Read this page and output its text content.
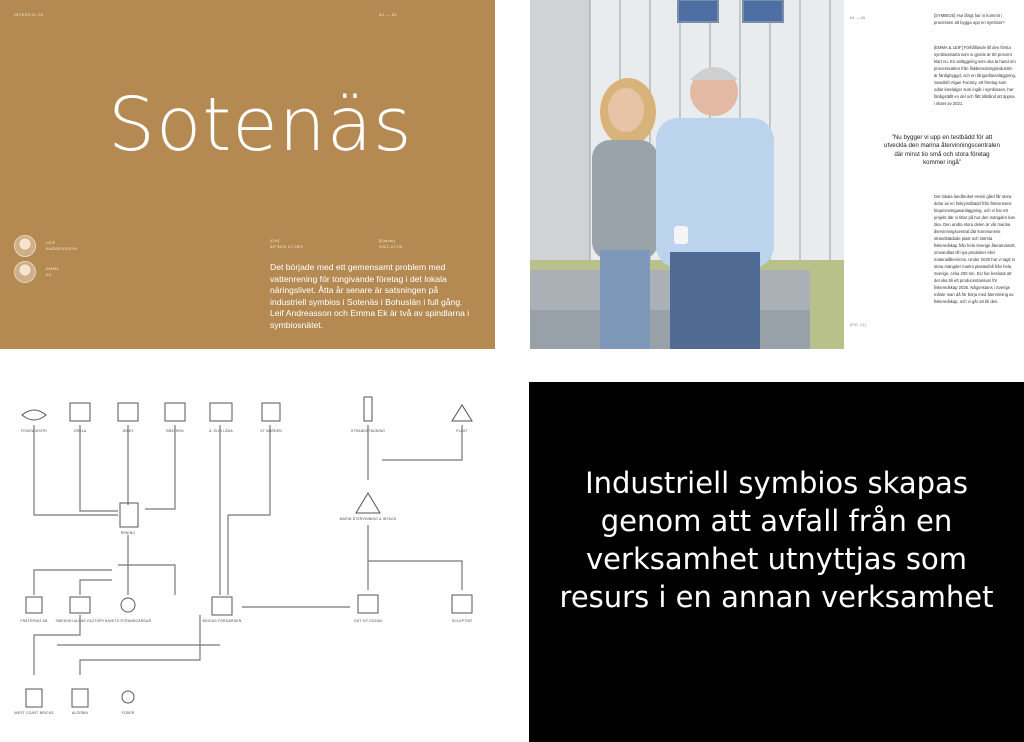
INTERVJU 02	64 — 65
Sotenäs
LEIF
ANDREASSON
EMMA
EK
[Ort]
58°36'N 11°28'E
[Datum]
2021-07-05
Det började med ett gemensamt problem med vattenrening för tongivande företag i det lokala näringslivet. Åtta år senare är satsningen på industriell symbios i Sotenäs i Bohuslän i full gång. Leif Andreasson och Emma Ek är två av spindlarna i symbiosnätet.
64 — 65	[SYMBIOS] Hur långt har ni kommit i processen att bygga upp en symbios?
[EMMA & LEIF] Förhållande till den första symbiosstarta som vi gjorde är 80 procent klart nu. En anläggning som ska ta hand om processvatten från fiskberedningsindustrin är färdigbyggd, och en tångodlaranläggning, Swedish Algae Factory, ett företag som odlar kiselalger som ingår i symbiosen, har färdigställt en del och fått tillstånd att öppna i slutet av 2021.
”Nu bygger vi upp en testbädd för att utveckla den marina återvinningscentralen där minst tio små och stora företag kommer ingå”
Det lokala landbruket Hensi gård får stora delar av en fiskrymdbädd från fiskrensens bioprocessgasanläggning, och vi har ett projekt där vi tittar på hur den mängden kan öka. Den andra stora delen är vår marina återvinningscentral där kommunens strandstädade plast och största fiskeredskap från hela Sverige återanvänds, omvandlas till nya produkter eller materialåtervinns. Under 2020 har vi tagit in stora mängder marint plastavfall från hela Sverige, cirka 200 ton. EU har beslutat att det ska bli ett producentansvar för fiskeredskap 2025. Någonstans i Sverige måste man då för börja med återvinning av fiskeredskap, och vi går att bli den.
[FIG. 21]
FISKINDUSTRI	ORKLA	JEBEY	BRATHEN	A. ELIS LÅDA	ST NORDEN	STRANDSTÄDNING	PLAST
RENING
MARIN ÅTERVINNING & INTAGS
FRÄTERVAT AB	SWEDISH ALGAE FACTORY HAVETS STRANDGÅRDAR	BIOGAS FÖRGÄRDEN	OUT OF OCEAN	SCULPTOR
WEST COAST BRICKS	ALGEBIN	FODER
Industriell symbios skapas genom att avfall från en verksamhet utnyttjas som resurs i en annan verksamhet
